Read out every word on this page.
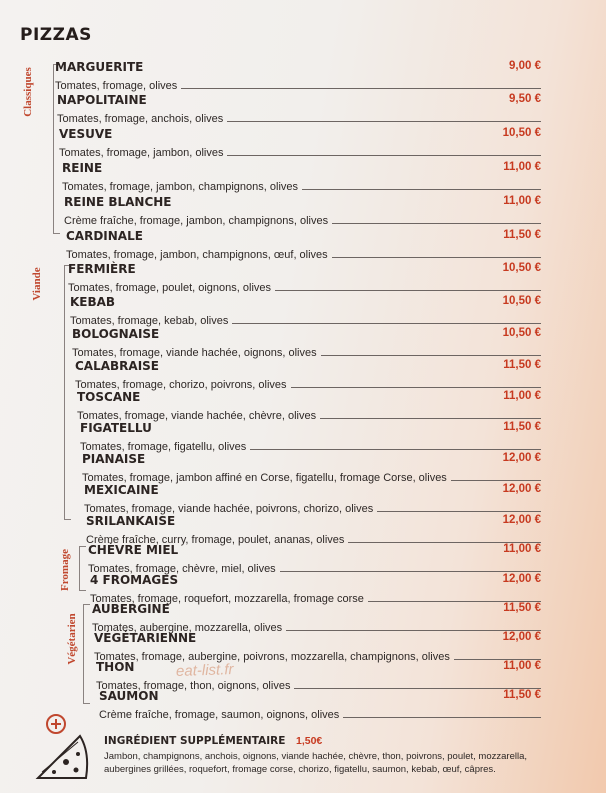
PIZZAS
Classiques
Viande
Fromage
Végétarien
MARGUERITE	9,00 €
Tomates, fromage, olives
NAPOLITAINE	9,50 €
Tomates, fromage, anchois, olives
VESUVE	10,50 €
Tomates, fromage, jambon, olives
REINE	11,00 €
Tomates, fromage, jambon, champignons, olives
REINE BLANCHE	11,00 €
Crème fraîche, fromage, jambon, champignons, olives
CARDINALE	11,50 €
Tomates, fromage, jambon, champignons, œuf, olives
FERMIÈRE	10,50 €
Tomates, fromage, poulet, oignons, olives
KEBAB	10,50 €
Tomates, fromage, kebab, olives
BOLOGNAISE	10,50 €
Tomates, fromage, viande hachée, oignons, olives
CALABRAISE	11,50 €
Tomates, fromage, chorizo, poivrons, olives
TOSCANE	11,00 €
Tomates, fromage, viande hachée, chèvre, olives
FIGATELLU	11,50 €
Tomates, fromage, figatellu, olives
PIANAISE	12,00 €
Tomates, fromage, jambon affiné en Corse, figatellu, fromage Corse, olives
MEXICAINE	12,00 €
Tomates, fromage, viande hachée, poivrons, chorizo, olives
SRILANKAISE	12,00 €
Crème fraîche, curry, fromage, poulet, ananas, olives
CHÈVRE MIEL	11,00 €
Tomates, fromage, chèvre, miel, olives
4 FROMAGES	12,00 €
Tomates, fromage, roquefort, mozzarella, fromage corse
AUBERGINE	11,50 €
Tomates, aubergine, mozzarella, olives
VÉGÉTARIENNE	12,00 €
Tomates, fromage, aubergine, poivrons, mozzarella, champignons, olives
THON	11,00 €
Tomates, fromage, thon, oignons, olives
SAUMON	11,50 €
Crème fraîche, fromage, saumon, oignons, olives
eat-list.fr
INGRÉDIENT SUPPLÉMENTAIRE 1,50€
Jambon, champignons, anchois, oignons, viande hachée, chèvre, thon, poivrons, poulet, mozzarella,
aubergines grillées, roquefort, fromage corse, chorizo, figatellu, saumon, kebab, œuf, câpres.
